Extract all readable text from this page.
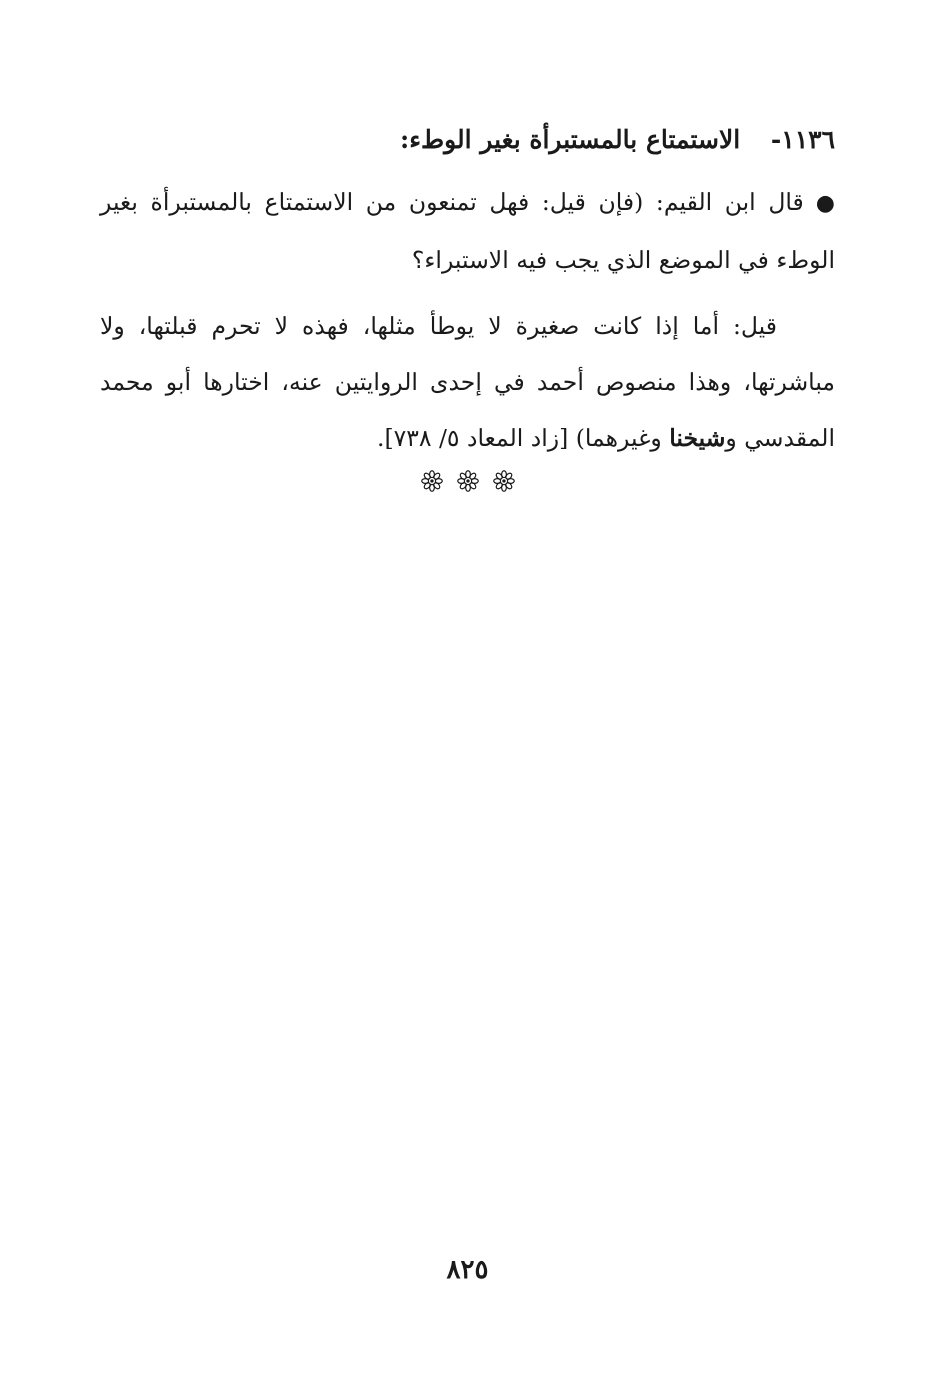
١١٣٦- الاستمتاع بالمستبرأة بغير الوطء:

●قال ابن القيم: (فإن قيل: فهل تمنعون من الاستمتاع بالمستبرأة بغير الوطء في الموضع الذي يجب فيه الاستبراء؟

قيل: أما إذا كانت صغيرة لا يوطأ مثلها، فهذه لا تحرم قبلتها، ولا مباشرتها، وهذا منصوص أحمد في إحدى الروايتين عنه، اختارها أبو محمد المقدسي وشيخنا وغيرهما) [زاد المعاد ٥/ ٧٣٨].

٨٢٥
